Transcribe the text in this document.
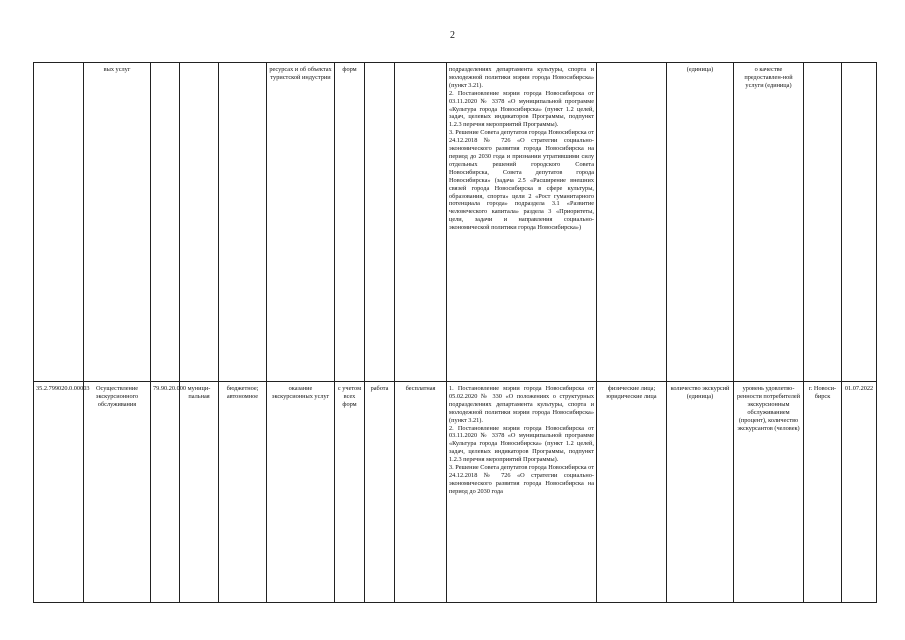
2
	вых услуг				ресурсах и об объектах туристской индустрии	форм			подразделениях департамента культуры, спорта и молодежной политики мэрии города Новосибирска» (пункт 3.21).

2. Постановление мэрии города Новосибирска от 03.11.2020 № 3378 «О муниципальной программе «Культура города Новосибирска» (пункт 1.2 целей, задач, целевых индикаторов Программы, подпункт 1.2.3 перечня мероприятий Программы).

3. Решение Совета депутатов города Новосибирска от 24.12.2018 № 726 «О стратегии социально-экономического развития города Новосибирска на период до 2030 года и признании утратившими силу отдельных решений городского Совета Новосибирска, Совета депутатов города Новосибирска» (задача 2.5 «Расширение внешних связей города Новосибирска в сфере культуры, образования, спорта» цели 2 «Рост гуманитарного потенциала города» подраздела 3.1 «Развитие человеческого капитала» раздела 3 «Приоритеты, цели, задачи и направления социально-экономической политики города Новосибирска»)		(единица)	о качестве предоставлен-ной услуги (единица)		
35.2.799020.0.00003	Осуществление экскурсионного обслуживания	79.90.20.000	муници-пальная	бюджетное; автономное	оказание экскурсионных услуг	с учетом всех форм	работа	бесплатная	1. Постановление мэрии города Новосибирска от 05.02.2020 № 330 «О положениях о структурных подразделениях департамента культуры, спорта и молодежной политики мэрии города Новосибирска» (пункт 3.21).

2. Постановление мэрии города Новосибирска от 03.11.2020 № 3378 «О муниципальной программе «Культура города Новосибирска» (пункт 1.2 целей, задач, целевых индикаторов Программы, подпункт 1.2.3 перечня мероприятий Программы).

3. Решение Совета депутатов города Новосибирска от 24.12.2018 № 726 «О стратегии социально-экономического развития города Новосибирска на период до 2030 года	физические лица; юридические лица	количество экскурсий (единица)	уровень удовлетво-ренности потребителей экскурсионным обслуживанием (процент), количество экскурсантов (человек)	г. Новоси-бирск	01.07.2022
